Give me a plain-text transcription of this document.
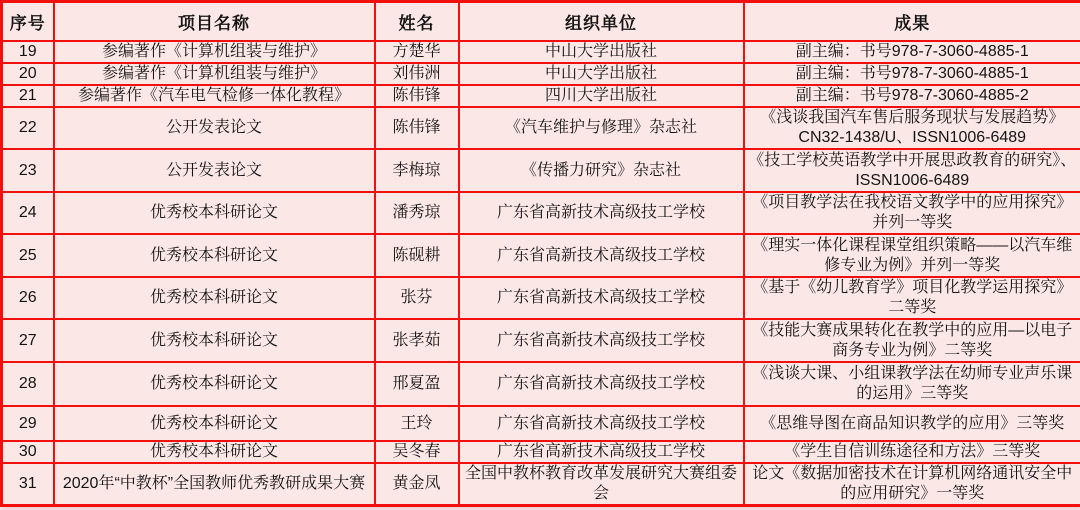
序号	项目名称	姓名	组织单位	成果
19	参编著作《计算机组装与维护》	方楚华	中山大学出版社	副主编：书号978-7-3060-4885-1
20	参编著作《计算机组装与维护》	刘伟洲	中山大学出版社	副主编：书号978-7-3060-4885-1
21	参编著作《汽车电气检修一体化教程》	陈伟锋	四川大学出版社	副主编：书号978-7-3060-4885-2
22	公开发表论文	陈伟锋	《汽车维护与修理》杂志社	《浅谈我国汽车售后服务现状与发展趋势》CN32-1438/U、ISSN1006-6489
23	公开发表论文	李梅琼	《传播力研究》杂志社	《技工学校英语教学中开展思政教育的研究》、ISSN1006-6489
24	优秀校本科研论文	潘秀琼	广东省高新技术高级技工学校	《项目教学法在我校语文教学中的应用探究》并列一等奖
25	优秀校本科研论文	陈砚耕	广东省高新技术高级技工学校	《理实一体化课程课堂组织策略——以汽车维修专业为例》并列一等奖
26	优秀校本科研论文	张芬	广东省高新技术高级技工学校	《基于《幼儿教育学》项目化教学运用探究》二等奖
27	优秀校本科研论文	张孝茹	广东省高新技术高级技工学校	《技能大赛成果转化在教学中的应用—以电子商务专业为例》二等奖
28	优秀校本科研论文	邢夏盈	广东省高新技术高级技工学校	《浅谈大课、小组课教学法在幼师专业声乐课的运用》三等奖
29	优秀校本科研论文	王玲	广东省高新技术高级技工学校	《思维导图在商品知识教学的应用》三等奖
30	优秀校本科研论文	吴冬春	广东省高新技术高级技工学校	《学生自信训练途径和方法》三等奖
31	2020年“中教杯”全国教师优秀教研成果大赛	黄金凤	全国中教杯教育改革发展研究大赛组委会	论文《数据加密技术在计算机网络通讯安全中的应用研究》一等奖
